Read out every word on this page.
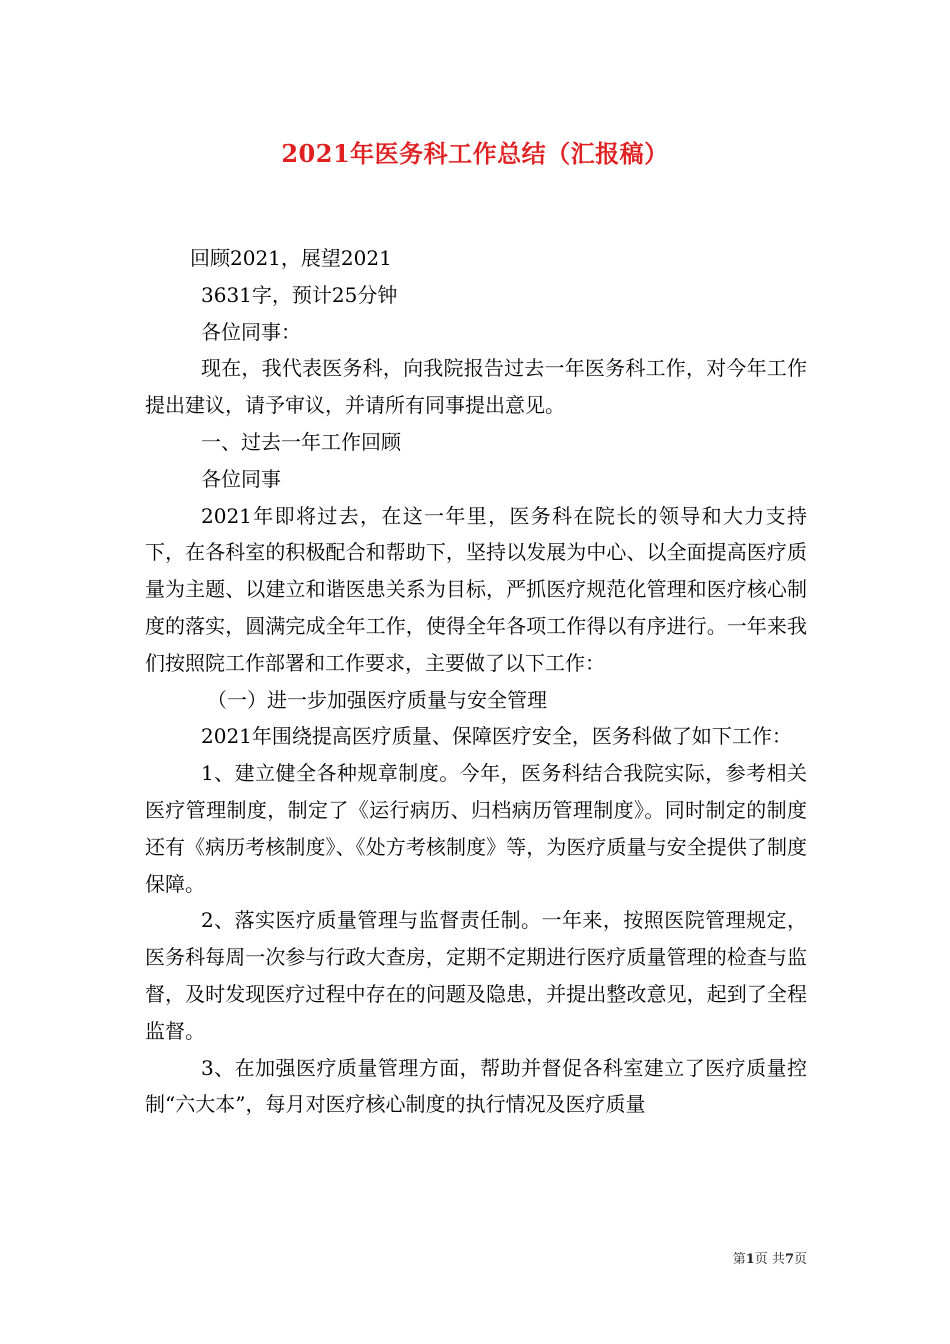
2021年医务科工作总结（汇报稿）

回顾2021，展望2021

3631字，预计25分钟

各位同事：

现在，我代表医务科，向我院报告过去一年医务科工作，对今年工作提出建议，请予审议，并请所有同事提出意见。

一、过去一年工作回顾

各位同事

2021年即将过去，在这一年里，医务科在院长的领导和大力支持下，在各科室的积极配合和帮助下，坚持以发展为中心、以全面提高医疗质量为主题、以建立和谐医患关系为目标，严抓医疗规范化管理和医疗核心制度的落实，圆满完成全年工作，使得全年各项工作得以有序进行。一年来我们按照院工作部署和工作要求，主要做了以下工作：

（一）进一步加强医疗质量与安全管理

2021年围绕提高医疗质量、保障医疗安全，医务科做了如下工作：

1、建立健全各种规章制度。今年，医务科结合我院实际，参考相关医疗管理制度，制定了《运行病历、归档病历管理制度》。同时制定的制度还有《病历考核制度》、《处方考核制度》等，为医疗质量与安全提供了制度保障。

2、落实医疗质量管理与监督责任制。一年来，按照医院管理规定，医务科每周一次参与行政大查房，定期不定期进行医疗质量管理的检查与监督，及时发现医疗过程中存在的问题及隐患，并提出整改意见，起到了全程监督。

3、在加强医疗质量管理方面，帮助并督促各科室建立了医疗质量控制“六大本”，每月对医疗核心制度的执行情况及医疗质量

第1页 共7页
